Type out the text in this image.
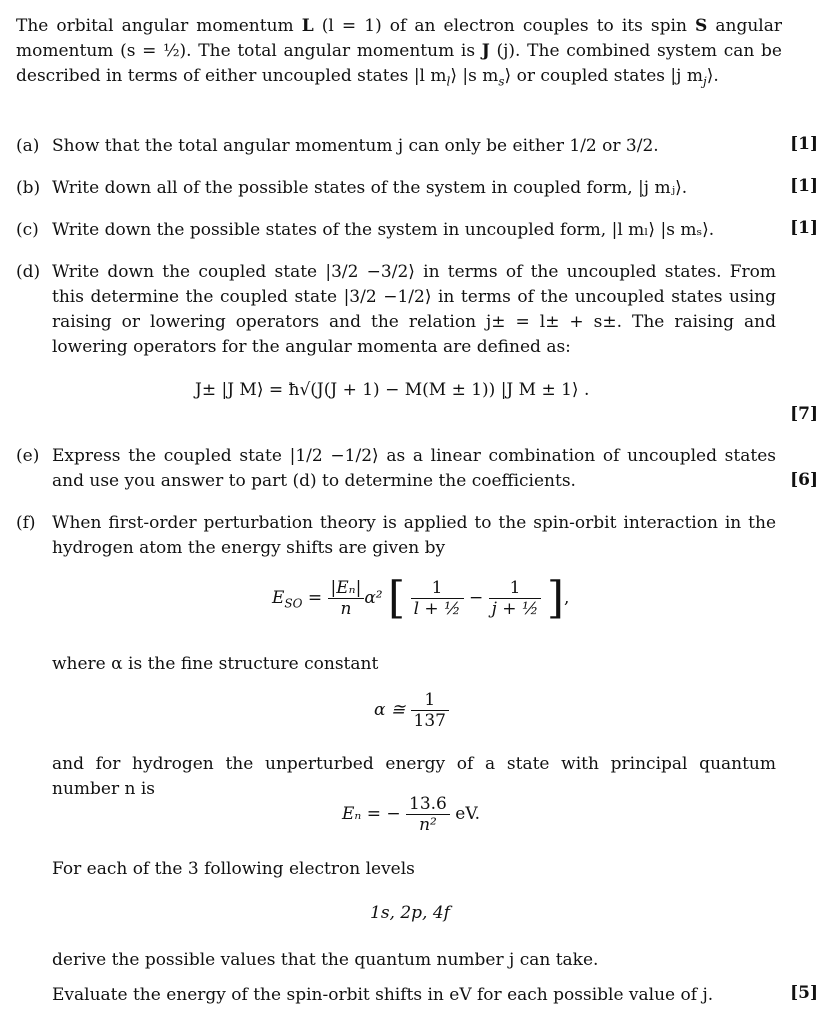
The orbital angular momentum L (l = 1) of an electron couples to its spin S angular momentum (s = ½). The total angular momentum is J (j). The combined system can be described in terms of either uncoupled states |l $m_l⟩$ |s $m_s⟩$ or coupled states |j $m_j⟩$.
(a) Show that the total angular momentum j can only be either 1/2 or 3/2.	[1]
(b) Write down all of the possible states of the system in coupled form, |j mⱼ⟩.	[1]
(c) Write down the possible states of the system in uncoupled form, |l mₗ⟩ |s mₛ⟩.	[1]
(d) Write down the coupled state |3/2 −3/2⟩ in terms of the uncoupled states. From this determine the coupled state |3/2 −1/2⟩ in terms of the uncoupled states using raising or lowering operators and the relation j± = l± + s±. The raising and lowering operators for the angular momenta are defined as:
J± |J M⟩ = ħ√(J(J + 1) − M(M ± 1)) |J M ± 1⟩ .
[7]
(e) Express the coupled state |1/2 −1/2⟩ as a linear combination of uncoupled states and use you answer to part (d) to determine the coefficients.	[6]
(f) When first-order perturbation theory is applied to the spin-orbit interaction in the hydrogen atom the energy shifts are given by
$E_{SO} = \frac{\text{|Eₙ|}}{n} \alpha^2$ [ $\frac{1}{\text{l + ½}} - \frac{1}{\text{j + ½}}$ ],
where α is the fine structure constant
α ≅ $\frac{1}{137}$
and for hydrogen the unperturbed energy of a state with principal quantum number n is
Eₙ = − $\frac{13.6}{\text{n²}}$ eV.
For each of the 3 following electron levels
1s, 2p, 4f
derive the possible values that the quantum number j can take.
Evaluate the energy of the spin-orbit shifts in eV for each possible value of j.	[5]
